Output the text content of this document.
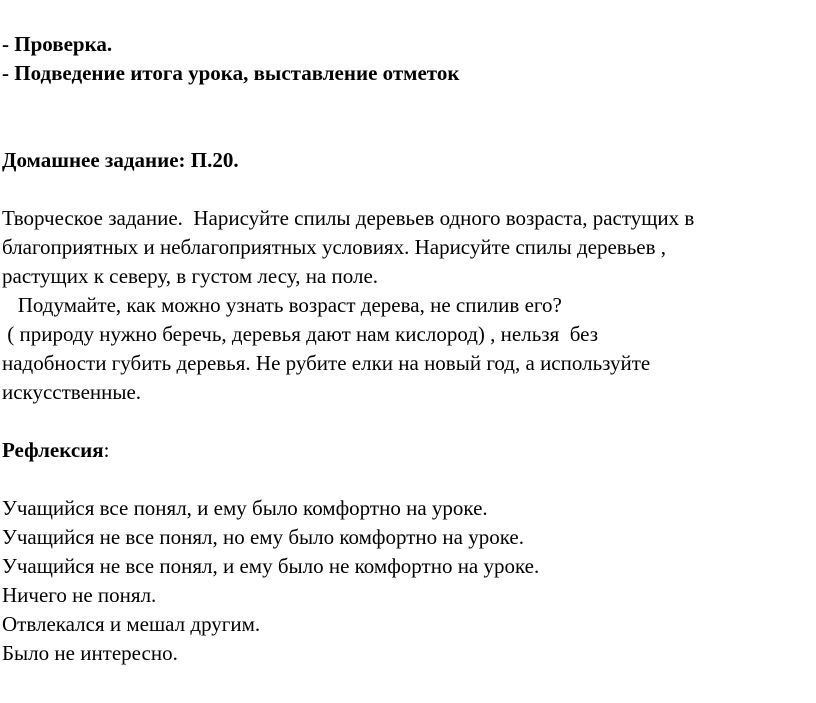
- Проверка.
- Подведение итога урока, выставление отметок
Домашнее задание: П.20.
Творческое задание.  Нарисуйте спилы деревьев одного возраста, растущих в
благоприятных и неблагоприятных условиях. Нарисуйте спилы деревьев ,
растущих к северу, в густом лесу, на поле.
Подумайте, как можно узнать возраст дерева, не спилив его?
( природу нужно беречь, деревья дают нам кислород) , нельзя  без
надобности губить деревья. Не рубите елки на новый год, а используйте
искусственные.
Рефлексия:
Учащийся все понял, и ему было комфортно на уроке.
Учащийся не все понял, но ему было комфортно на уроке.
Учащийся не все понял, и ему было не комфортно на уроке.
Ничего не понял.
Отвлекался и мешал другим.
Было не интересно.
